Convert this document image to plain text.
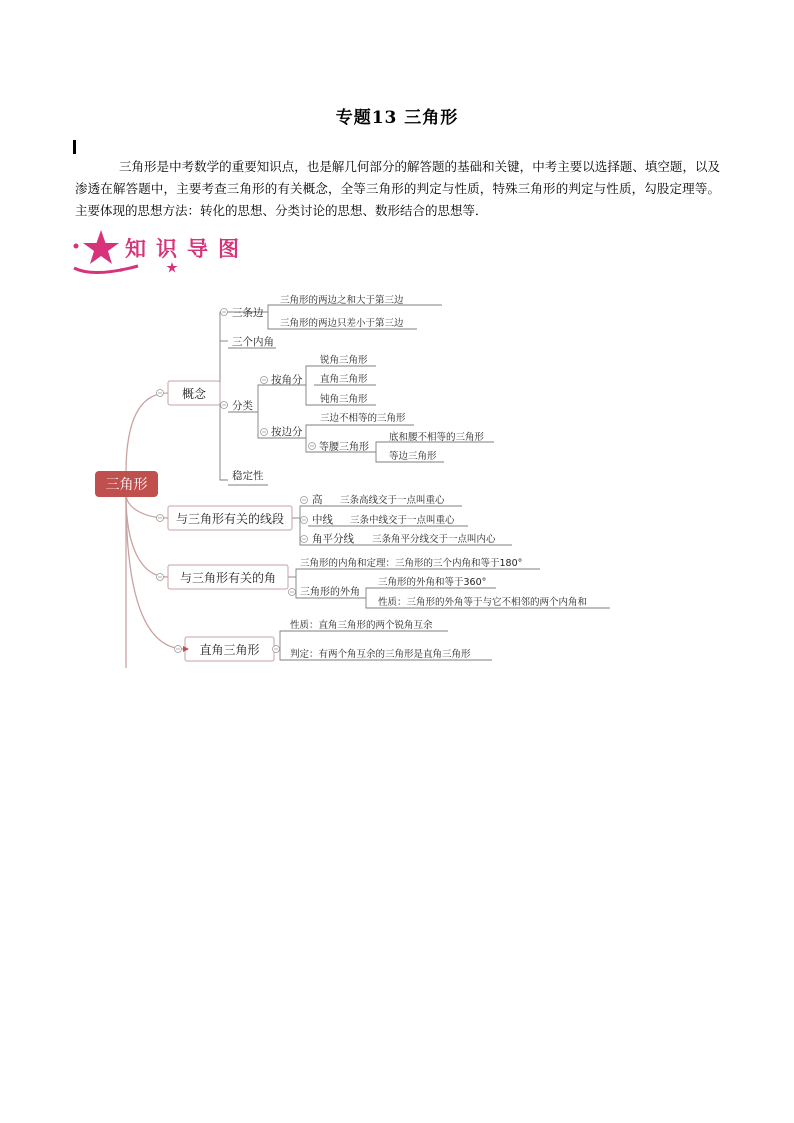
专题13 三角形
三角形是中考数学的重要知识点，也是解几何部分的解答题的基础和关键，中考主要以选择题、填空题，以及渗透在解答题中，主要考查三角形的有关概念，全等三角形的判定与性质，特殊三角形的判定与性质，勾股定理等。主要体现的思想方法：转化的思想、分类讨论的思想、数形结合的思想等．
知识导图
三角形
概念
与三角形有关的线段
与三角形有关的角
直角三角形
三条边
三角形的两边之和大于第三边
三角形的两边只差小于第三边
三个内角
分类
按角分
锐角三角形
直角三角形
钝角三角形
按边分
三边不相等的三角形
等腰三角形
底和腰不相等的三角形
等边三角形
稳定性
高 三条高线交于一点叫重心
中线 三条中线交于一点叫重心
角平分线 三条角平分线交于一点叫内心
三角形的内角和定理：三角形的三个内角和等于180°
三角形的外角
三角形的外角和等于360°
性质：三角形的外角等于与它不相邻的两个内角和
性质：直角三角形的两个锐角互余
判定：有两个角互余的三角形是直角三角形
